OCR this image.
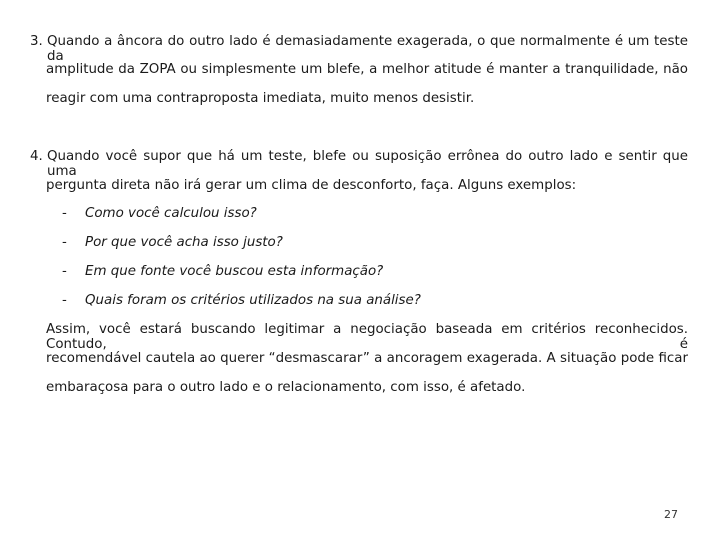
3. Quando a âncora do outro lado é demasiadamente exagerada, o que normalmente é um teste da
amplitude da ZOPA ou simplesmente um blefe, a melhor atitude é manter a tranquilidade, não
reagir com uma contraproposta imediata, muito menos desistir.
4. Quando você supor que há um teste, blefe ou suposição errônea do outro lado e sentir que uma
pergunta direta não irá gerar um clima de desconforto, faça. Alguns exemplos:
- Como você calculou isso?
- Por que você acha isso justo?
- Em que fonte você buscou esta informação?
- Quais foram os critérios utilizados na sua análise?
Assim, você estará buscando legitimar a negociação baseada em critérios reconhecidos. Contudo, é
recomendável cautela ao querer “desmascarar” a ancoragem exagerada. A situação pode ficar
embaraçosa para o outro lado e o relacionamento, com isso, é afetado.
27
